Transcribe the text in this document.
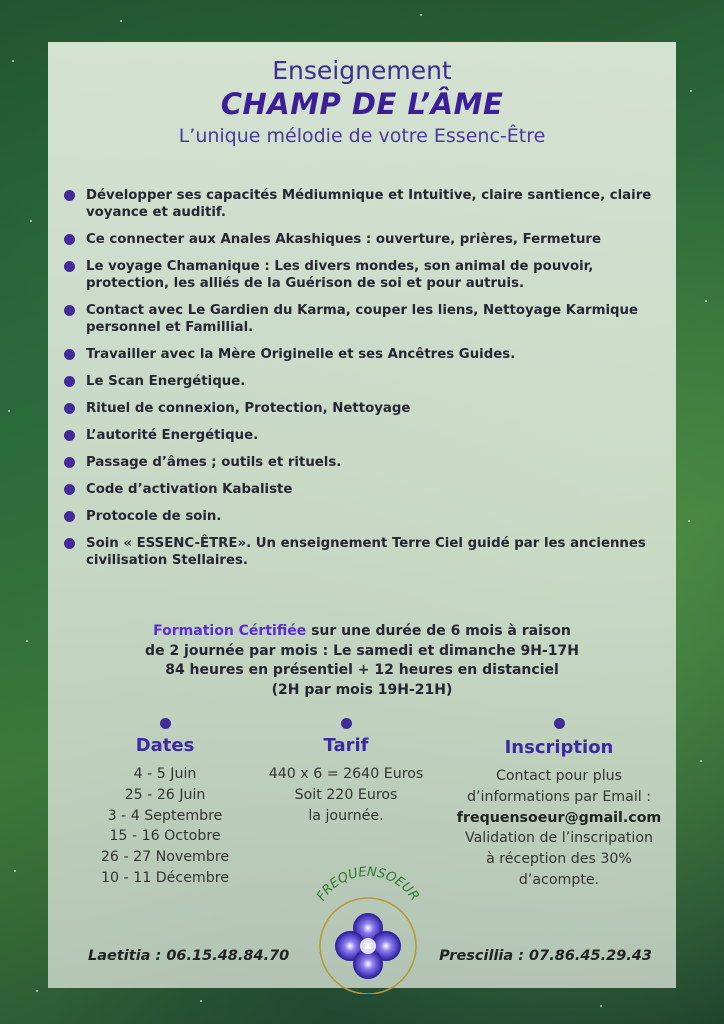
Enseignement
CHAMP DE L’ÂME
L’unique mélodie de votre Essenc-Être
Développer ses capacités Médiumnique et Intuitive, claire santience, claire voyance et auditif.
Ce connecter aux Anales Akashiques : ouverture, prières, Fermeture
Le voyage Chamanique : Les divers mondes, son animal de pouvoir, protection, les alliés de la Guérison de soi et pour autruis.
Contact avec Le Gardien du Karma, couper les liens, Nettoyage Karmique personnel et Famillial.
Travailler avec la Mère Originelle et ses Ancêtres Guides.
Le Scan Energétique.
Rituel de connexion, Protection, Nettoyage
L’autorité Energétique.
Passage d’âmes ; outils et rituels.
Code d’activation Kabaliste
Protocole de soin.
Soin « ESSENC-ÊTRE». Un enseignement Terre Ciel guidé par les anciennes civilisation Stellaires.
Formation Cértifiée sur une durée de 6 mois à raison
de 2 journée par mois : Le samedi et dimanche 9H-17H
84 heures en présentiel + 12 heures en distanciel
(2H par mois 19H-21H)
Dates
4 - 5 Juin
25 - 26 Juin
3 - 4 Septembre
15 - 16 Octobre
26 - 27 Novembre
10 - 11 Décembre
Tarif
440 x 6 = 2640 Euros
Soit 220 Euros
la journée.
Inscription
Contact pour plus
d’informations par Email :
frequensoeur@gmail.com
Validation de l’inscripation
à réception des 30%
d’acompte.
FREQUENSOEUR
Laetitia : 06.15.48.84.70	Prescillia : 07.86.45.29.43
